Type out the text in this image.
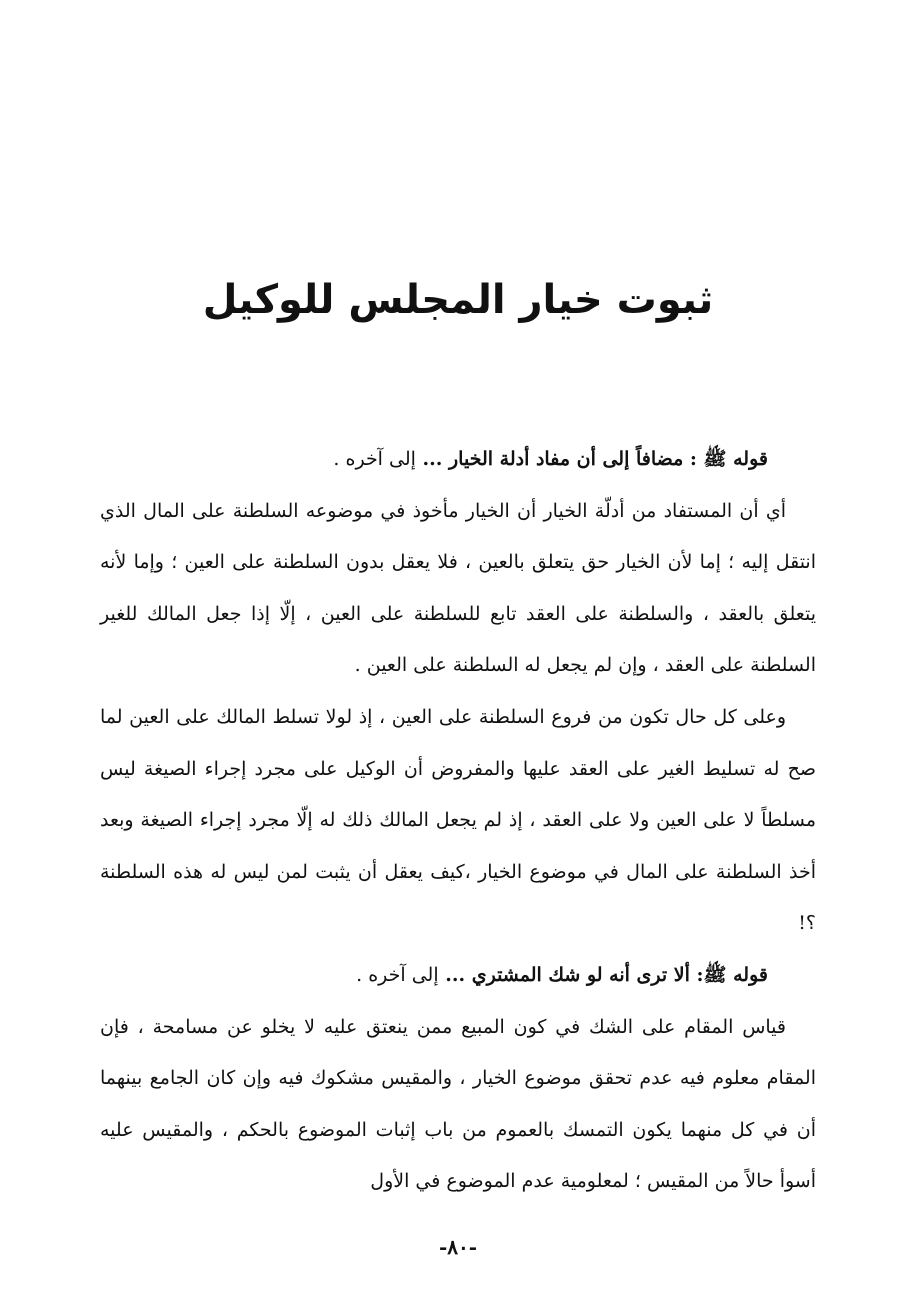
ثبوت خيار المجلس للوكيل

قوله ﷺ : مضافاً إلى أن مفاد أدلة الخيار ... إلى آخره .

أي أن المستفاد من أدلّة الخيار أن الخيار مأخوذ في موضوعه السلطنة على المال الذي انتقل إليه ؛ إما لأن الخيار حق يتعلق بالعين ، فلا يعقل بدون السلطنة على العين ؛ وإما لأنه يتعلق بالعقد ، والسلطنة على العقد تابع للسلطنة على العين ، إلّا إذا جعل المالك للغير السلطنة على العقد ، وإن لم يجعل له السلطنة على العين .

وعلى كل حال تكون من فروع السلطنة على العين ، إذ لولا تسلط المالك على العين لما صح له تسليط الغير على العقد عليها والمفروض أن الوكيل على مجرد إجراء الصيغة ليس مسلطاً لا على العين ولا على العقد ، إذ لم يجعل المالك ذلك له إلّا مجرد إجراء الصيغة وبعد أخذ السلطنة على المال في موضوع الخيار ،كيف يعقل أن يثبت لمن ليس له هذه السلطنة ؟!

قوله ﷺ: ألا ترى أنه لو شك المشتري ... إلى آخره .

قياس المقام على الشك في كون المبيع ممن ينعتق عليه لا يخلو عن مسامحة ، فإن المقام معلوم فيه عدم تحقق موضوع الخيار ، والمقيس مشكوك فيه وإن كان الجامع بينهما أن في كل منهما يكون التمسك بالعموم من باب إثبات الموضوع بالحكم ، والمقيس عليه أسوأ حالاً من المقيس ؛ لمعلومية عدم الموضوع في الأول

-٨٠-
